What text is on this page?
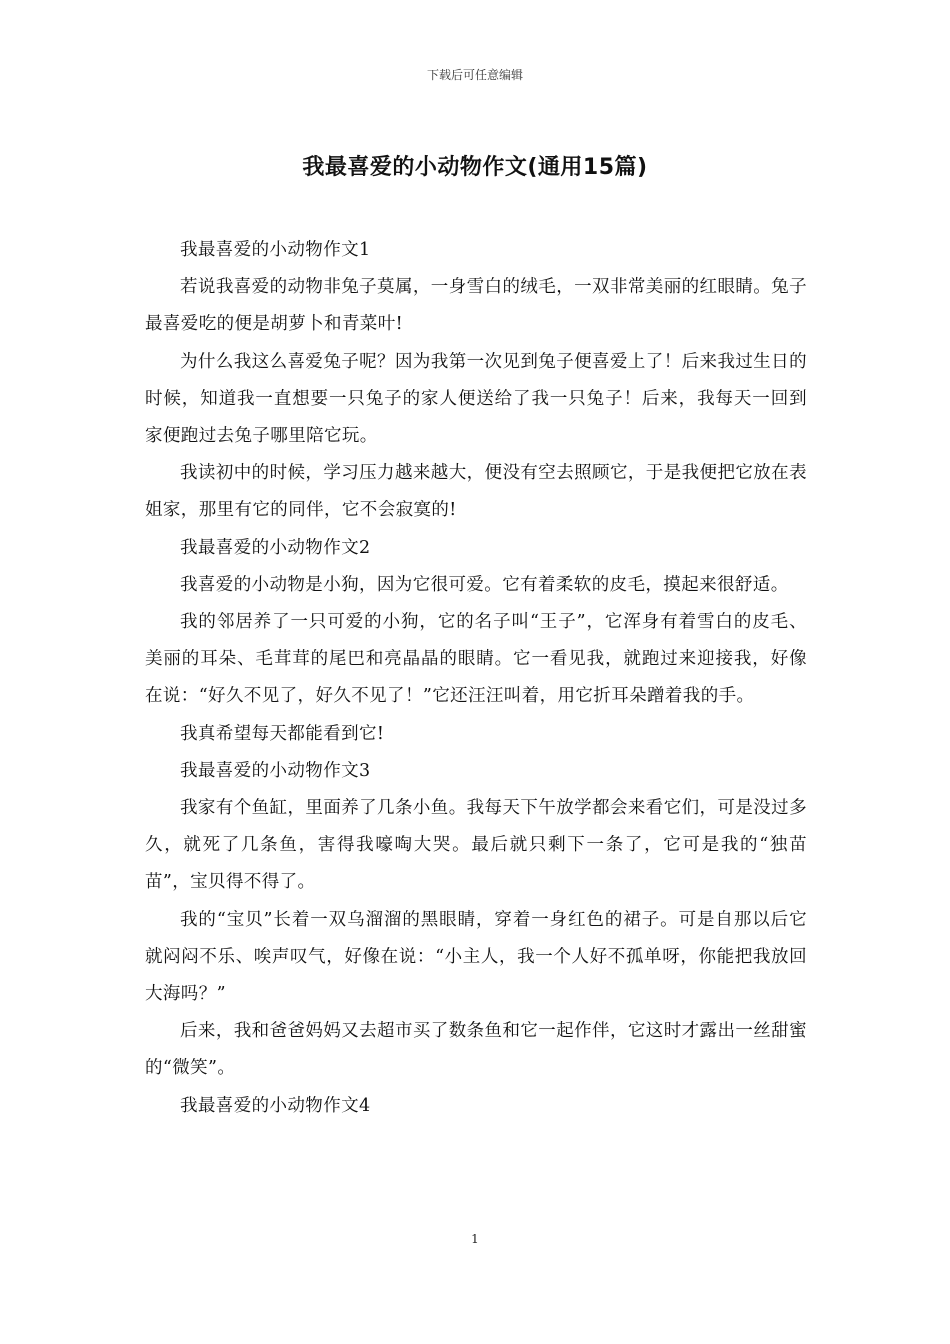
下载后可任意编辑
我最喜爱的小动物作文(通用15篇)

我最喜爱的小动物作文1

若说我喜爱的动物非兔子莫属，一身雪白的绒毛，一双非常美丽的红眼睛。兔子最喜爱吃的便是胡萝卜和青菜叶!

为什么我这么喜爱兔子呢？因为我第一次见到兔子便喜爱上了！后来我过生日的时候，知道我一直想要一只兔子的家人便送给了我一只兔子！后来，我每天一回到家便跑过去兔子哪里陪它玩。

我读初中的时候，学习压力越来越大，便没有空去照顾它，于是我便把它放在表姐家，那里有它的同伴，它不会寂寞的!

我最喜爱的小动物作文2

我喜爱的小动物是小狗，因为它很可爱。它有着柔软的皮毛，摸起来很舒适。

我的邻居养了一只可爱的小狗，它的名子叫“王子”，它浑身有着雪白的皮毛、美丽的耳朵、毛茸茸的尾巴和亮晶晶的眼睛。它一看见我，就跑过来迎接我，好像在说：“好久不见了，好久不见了！”它还汪汪叫着，用它折耳朵蹭着我的手。

我真希望每天都能看到它!

我最喜爱的小动物作文3

我家有个鱼缸，里面养了几条小鱼。我每天下午放学都会来看它们，可是没过多久，就死了几条鱼，害得我嚎啕大哭。最后就只剩下一条了，它可是我的“独苗苗”，宝贝得不得了。

我的“宝贝”长着一双乌溜溜的黑眼睛，穿着一身红色的裙子。可是自那以后它就闷闷不乐、唉声叹气，好像在说：“小主人，我一个人好不孤单呀，你能把我放回大海吗？”

后来，我和爸爸妈妈又去超市买了数条鱼和它一起作伴，它这时才露出一丝甜蜜的“微笑”。

我最喜爱的小动物作文4

1
